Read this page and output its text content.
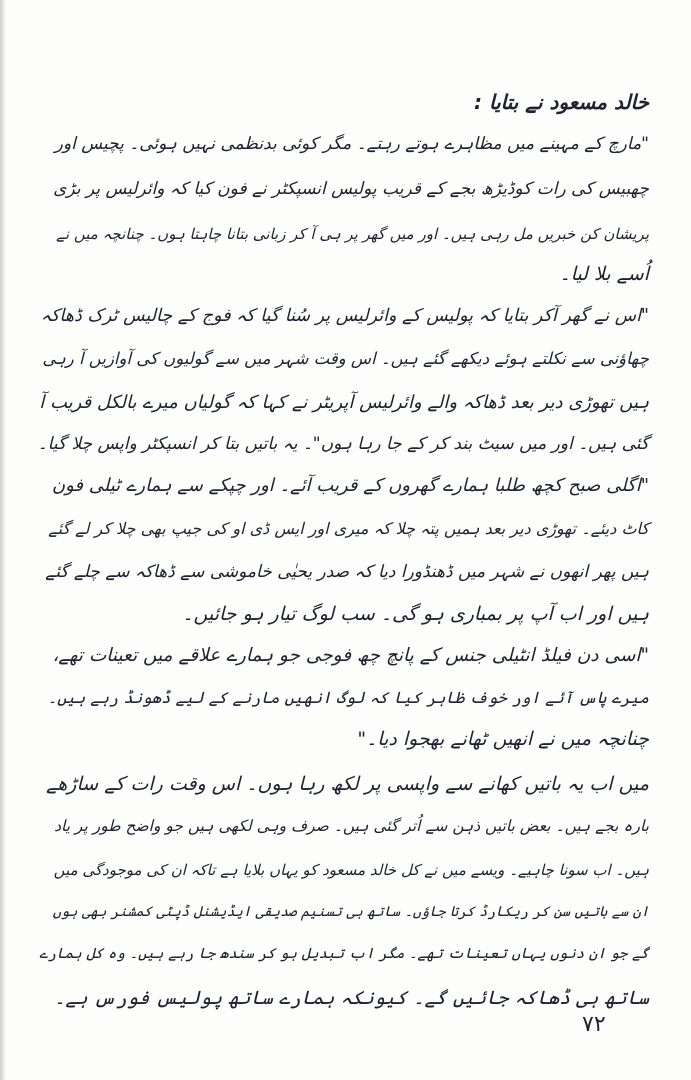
خالد مسعود نے بتایا :
"مارچ کے مہینے میں مظاہرے ہوتے رہتے۔ مگر کوئی بدنظمی نہیں ہوئی۔ پچیس اور
چھبیس کی رات کوڈیڑھ بجے کے قریب پولیس انسپکٹر نے فون کیا کہ وائرلیس پر بڑی
پریشان کن خبریں مل رہی ہیں۔ اور میں گھر پر ہی آ کر زبانی بتانا چاہتا ہوں۔ چنانچہ میں نے
اُسے بلا لیا۔
"اس نے گھر آکر بتایا کہ پولیس کے وائرلیس پر سُنا گیا کہ فوج کے چالیس ٹرک ڈھاکہ
چھاؤنی سے نکلتے ہوئے دیکھے گئے ہیں۔ اس وقت شہر میں سے گولیوں کی آوازیں آ رہی
ہیں تھوڑی دیر بعد ڈھاکہ والے وائرلیس آپریٹر نے کہا کہ گولیاں میرے بالکل قریب آ
گئی ہیں۔ اور میں سیٹ بند کر کے جا رہا ہوں"۔ یہ باتیں بتا کر انسپکٹر واپس چلا گیا۔
"اگلی صبح کچھ طلبا ہمارے گھروں کے قریب آئے۔ اور چپکے سے ہمارے ٹیلی فون
کاٹ دیئے۔ تھوڑی دیر بعد ہمیں پتہ چلا کہ میری اور ایس ڈی او کی جیپ بھی چلا کر لے گئے
ہیں پھر انھوں نے شہر میں ڈھنڈورا دیا کہ صدر یحیٰی خاموشی سے ڈھاکہ سے چلے گئے
ہیں اور اب آپ پر بمباری ہو گی۔ سب لوگ تیار ہو جائیں۔
"اسی دن فیلڈ انٹیلی جنس کے پانچ چھ فوجی جو ہمارے علاقے میں تعینات تھے،
میرے پاس آئے اور خوف ظاہر کیا کہ لوگ انھیں مارنے کے لیے ڈھونڈ رہے ہیں۔
چنانچہ میں نے انھیں ٹھانے بھجوا دیا۔"
میں اب یہ باتیں کھانے سے واپسی پر لکھ رہا ہوں۔ اس وقت رات کے ساڑھے
بارہ بجے ہیں۔ بعض باتیں ذہن سے اُتر گئی ہیں۔ صرف وہی لکھی ہیں جو واضح طور پر یاد
ہیں۔ اب سونا چاہیے۔ ویسے میں نے کل خالد مسعود کو یہاں بلایا ہے تاکہ ان کی موجودگی میں
ان سے باتیں سن کر ریکارڈ کرتا جاؤں۔ ساتھ ہی تسنیم صدیقی ایڈیشنل ڈپٹی کمشنر بھی ہوں
گے جو ان دنوں یہاں تعینات تھے۔ مگر اب تبدیل ہو کر سندھ جا رہے ہیں۔ وہ کل ہمارے
ساتھ ہی ڈھاکہ جائیں گے۔ کیونکہ ہمارے ساتھ پولیس فورس ہے۔
۷۲
